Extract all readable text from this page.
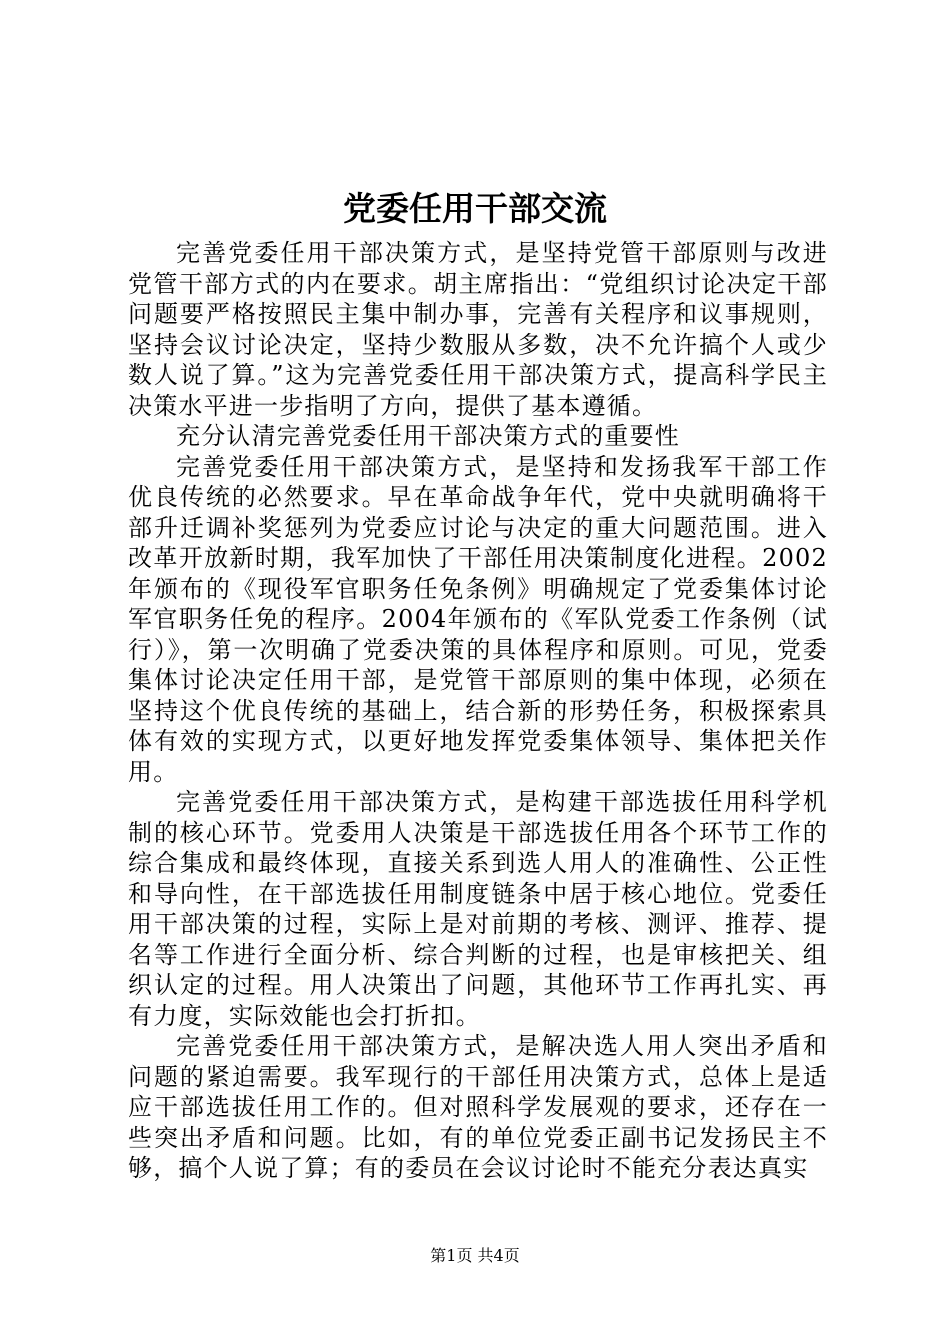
党委任用干部交流

完善党委任用干部决策方式，是坚持党管干部原则与改进党管干部方式的内在要求。胡主席指出：“党组织讨论决定干部问题要严格按照民主集中制办事，完善有关程序和议事规则，坚持会议讨论决定，坚持少数服从多数，决不允许搞个人或少数人说了算。”这为完善党委任用干部决策方式，提高科学民主决策水平进一步指明了方向，提供了基本遵循。

充分认清完善党委任用干部决策方式的重要性

完善党委任用干部决策方式，是坚持和发扬我军干部工作优良传统的必然要求。早在革命战争年代，党中央就明确将干部升迁调补奖惩列为党委应讨论与决定的重大问题范围。进入改革开放新时期，我军加快了干部任用决策制度化进程。2002年颁布的《现役军官职务任免条例》明确规定了党委集体讨论军官职务任免的程序。2004年颁布的《军队党委工作条例（试行）》，第一次明确了党委决策的具体程序和原则。可见，党委集体讨论决定任用干部，是党管干部原则的集中体现，必须在坚持这个优良传统的基础上，结合新的形势任务，积极探索具体有效的实现方式，以更好地发挥党委集体领导、集体把关作用。

完善党委任用干部决策方式，是构建干部选拔任用科学机制的核心环节。党委用人决策是干部选拔任用各个环节工作的综合集成和最终体现，直接关系到选人用人的准确性、公正性和导向性，在干部选拔任用制度链条中居于核心地位。党委任用干部决策的过程，实际上是对前期的考核、测评、推荐、提名等工作进行全面分析、综合判断的过程，也是审核把关、组织认定的过程。用人决策出了问题，其他环节工作再扎实、再有力度，实际效能也会打折扣。

完善党委任用干部决策方式，是解决选人用人突出矛盾和问题的紧迫需要。我军现行的干部任用决策方式，总体上是适应干部选拔任用工作的。但对照科学发展观的要求，还存在一些突出矛盾和问题。比如，有的单位党委正副书记发扬民主不够，搞个人说了算；有的委员在会议讨论时不能充分表达真实

第1页 共4页
